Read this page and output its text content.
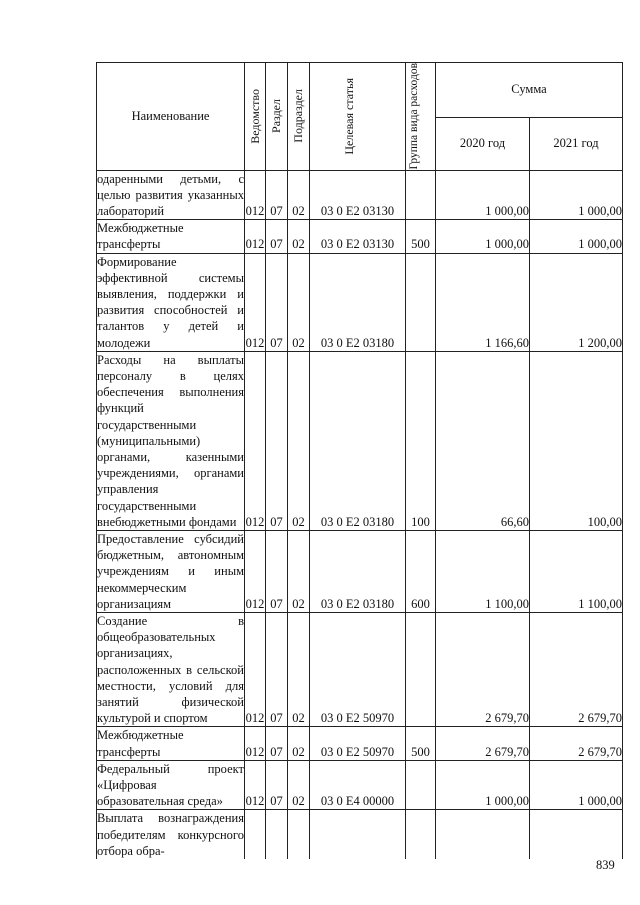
Наименование	Ведомство	Раздел	Подраздел	Целевая статья	Группа вида расходов	Сумма	
						2020 год	2021 год
одаренными детьми, с целью развития указанных лабораторий	012	07	02	03 0 E2 03130		1 000,00	1 000,00
Межбюджетные трансферты	012	07	02	03 0 E2 03130	500	1 000,00	1 000,00
Формирование эффективной системы выявления, поддержки и развития способностей и талантов у детей и молодежи	012	07	02	03 0 E2 03180		1 166,60	1 200,00
Расходы на выплаты персоналу в целях обеспечения выполнения функций государственными (муниципальными) органами, казенными учреждениями, органами управления государственными внебюджетными фондами	012	07	02	03 0 E2 03180	100	66,60	100,00
Предоставление субсидий бюджетным, автономным учреждениям и иным некоммерческим организациям	012	07	02	03 0 E2 03180	600	1 100,00	1 100,00
Создание в общеобразовательных организациях, расположенных в сельской местности, условий для занятий физической культурой и спортом	012	07	02	03 0 E2 50970		2 679,70	2 679,70
Межбюджетные трансферты	012	07	02	03 0 E2 50970	500	2 679,70	2 679,70
Федеральный проект «Цифровая образовательная среда»	012	07	02	03 0 E4 00000		1 000,00	1 000,00
Выплата вознаграждения победителям конкурсного отбора обра-							
839
